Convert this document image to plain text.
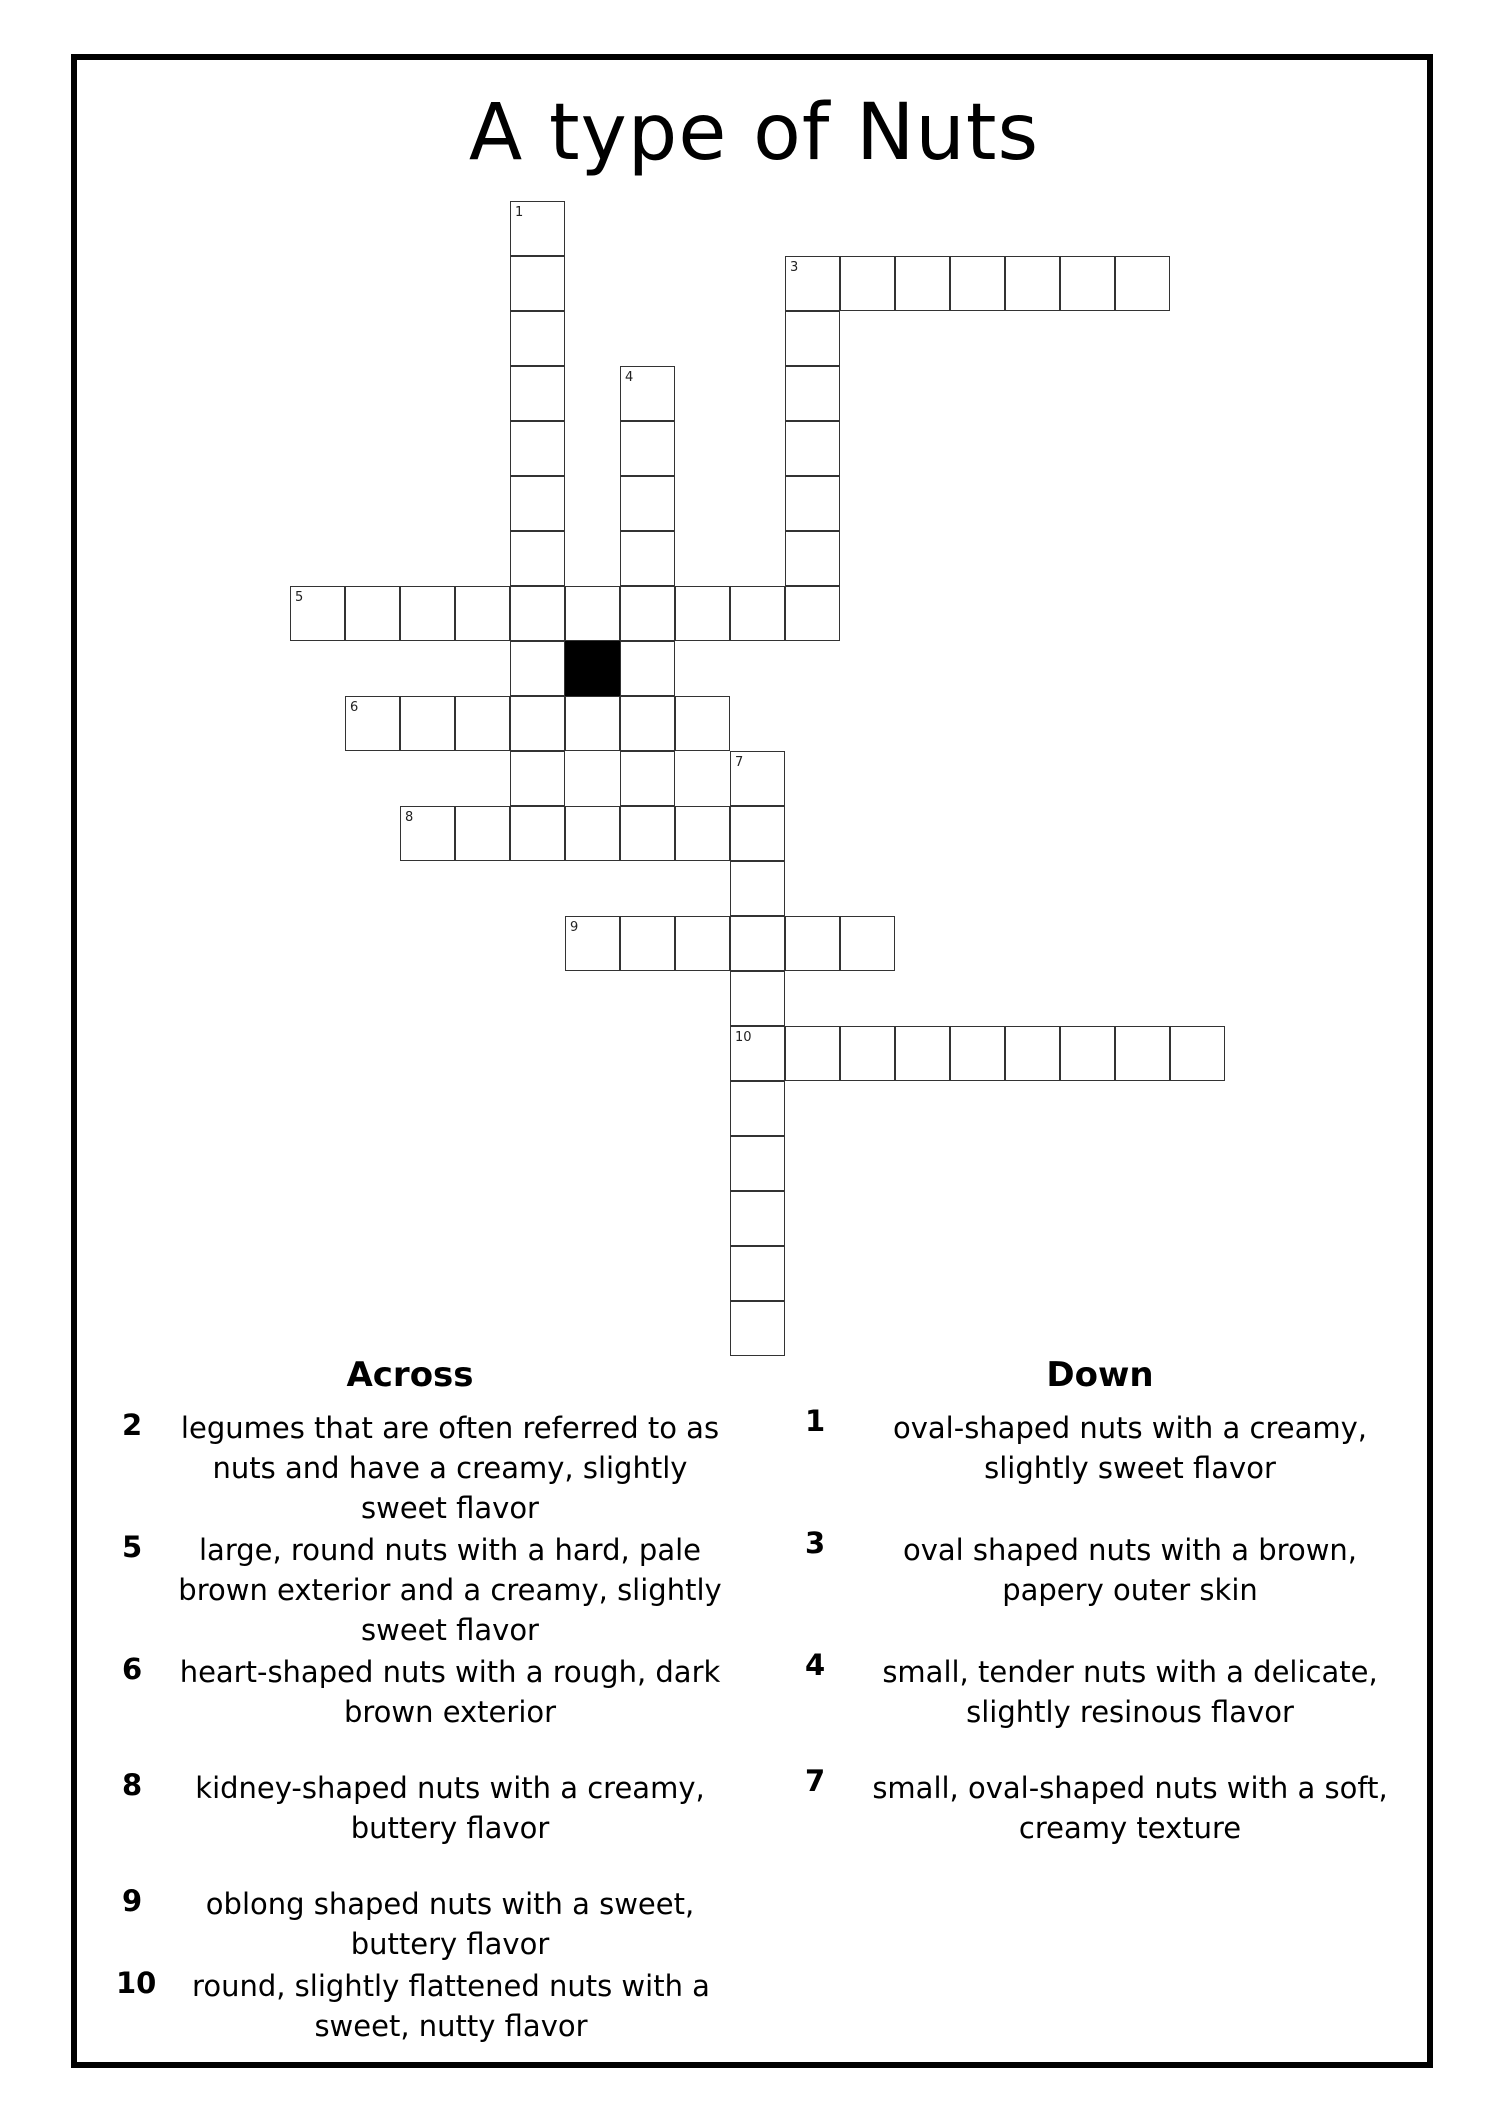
A type of Nuts
3
5
6
8
9
10
1
4
7
Across
2	legumes that are often referred to as nuts and have a creamy, slightly sweet flavor
5	large, round nuts with a hard, pale brown exterior and a creamy, slightly sweet flavor
6	heart-shaped nuts with a rough, dark brown exterior
8	kidney-shaped nuts with a creamy, buttery flavor
9	oblong shaped nuts with a sweet, buttery flavor
10	round, slightly flattened nuts with a sweet, nutty flavor
Down
1	oval-shaped nuts with a creamy, slightly sweet flavor
3	oval shaped nuts with a brown, papery outer skin
4	small, tender nuts with a delicate, slightly resinous flavor
7	small, oval-shaped nuts with a soft, creamy texture
